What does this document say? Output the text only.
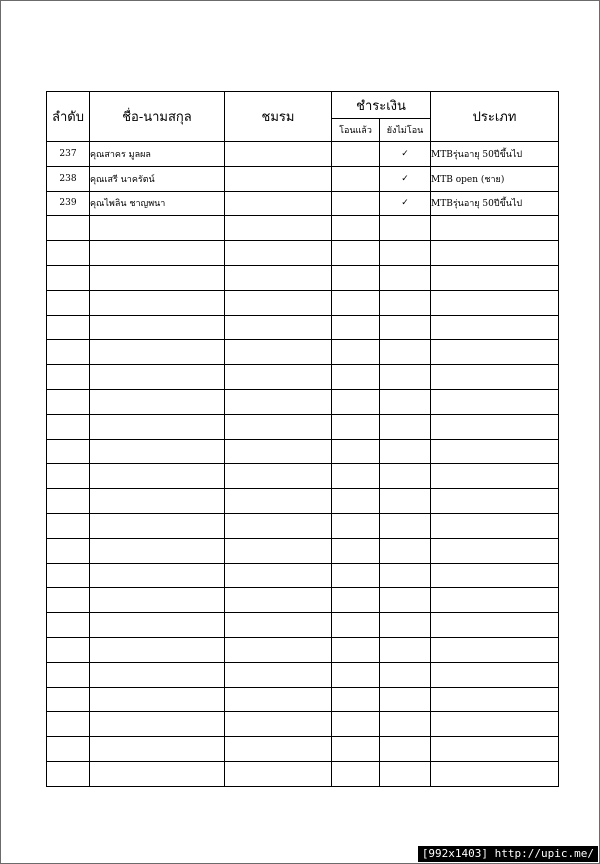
ลำดับ	ชื่อ-นามสกุล	ชมรม	ชำระเงิน		ประเภท
			โอนแล้ว	ยังไม่โอน	
237	คุณสาคร มูลผล			✓	MTBรุ่นอายุ 50ปีขึ้นไป
238	คุณเสรี นาครัตน์			✓	MTB open (ชาย)
239	คุณไพลิน ชาญพนา			✓	MTBรุ่นอายุ 50ปีขึ้นไป

[992x1403] http://upic.me/
